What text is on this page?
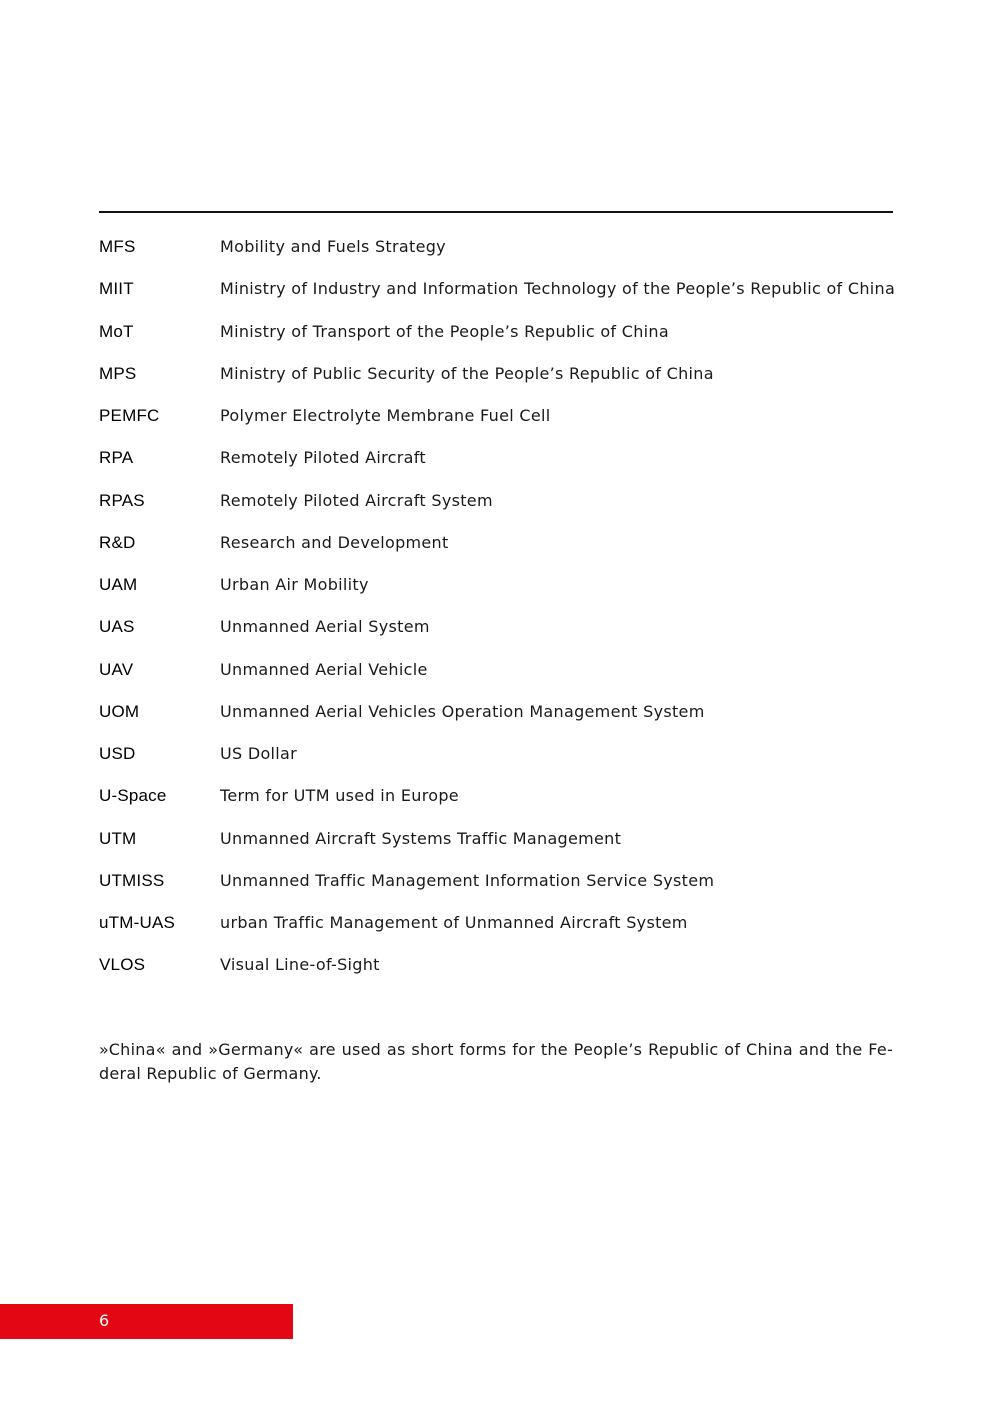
MFS	Mobility and Fuels Strategy
MIIT	Ministry of Industry and Information Technology of the People’s Republic of China
MoT	Ministry of Transport of the People’s Republic of China
MPS	Ministry of Public Security of the People’s Republic of China
PEMFC	Polymer Electrolyte Membrane Fuel Cell
RPA	Remotely Piloted Aircraft
RPAS	Remotely Piloted Aircraft System
R&D	Research and Development
UAM	Urban Air Mobility
UAS	Unmanned Aerial System
UAV	Unmanned Aerial Vehicle
UOM	Unmanned Aerial Vehicles Operation Management System
USD	US Dollar
U-Space	Term for UTM used in Europe
UTM	Unmanned Aircraft Systems Traffic Management
UTMISS	Unmanned Traffic Management Information Service System
uTM-UAS	urban Traffic Management of Unmanned Aircraft System
VLOS	Visual Line-of-Sight

»China« and »Germany« are used as short forms for the People’s Republic of China and the Fe-deral Republic of Germany.

6
